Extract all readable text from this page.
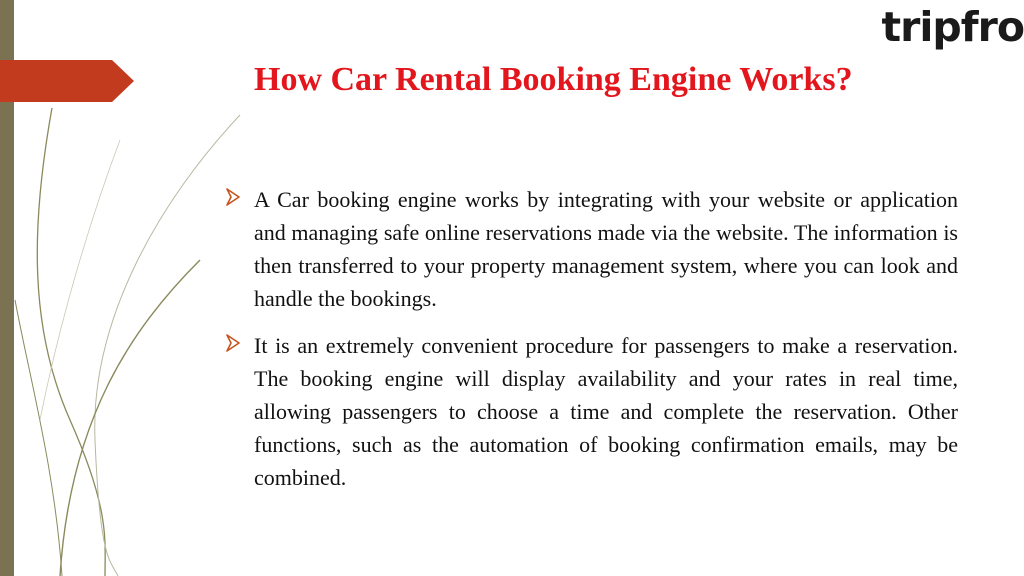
tripfro
How Car Rental Booking Engine Works?
A Car booking engine works by integrating with your website or application and managing safe online reservations made via the website. The information is then transferred to your property management system, where you can look and handle the bookings.
It is an extremely convenient procedure for passengers to make a reservation. The booking engine will display availability and your rates in real time, allowing passengers to choose a time and complete the reservation. Other functions, such as the automation of booking confirmation emails, may be combined.
